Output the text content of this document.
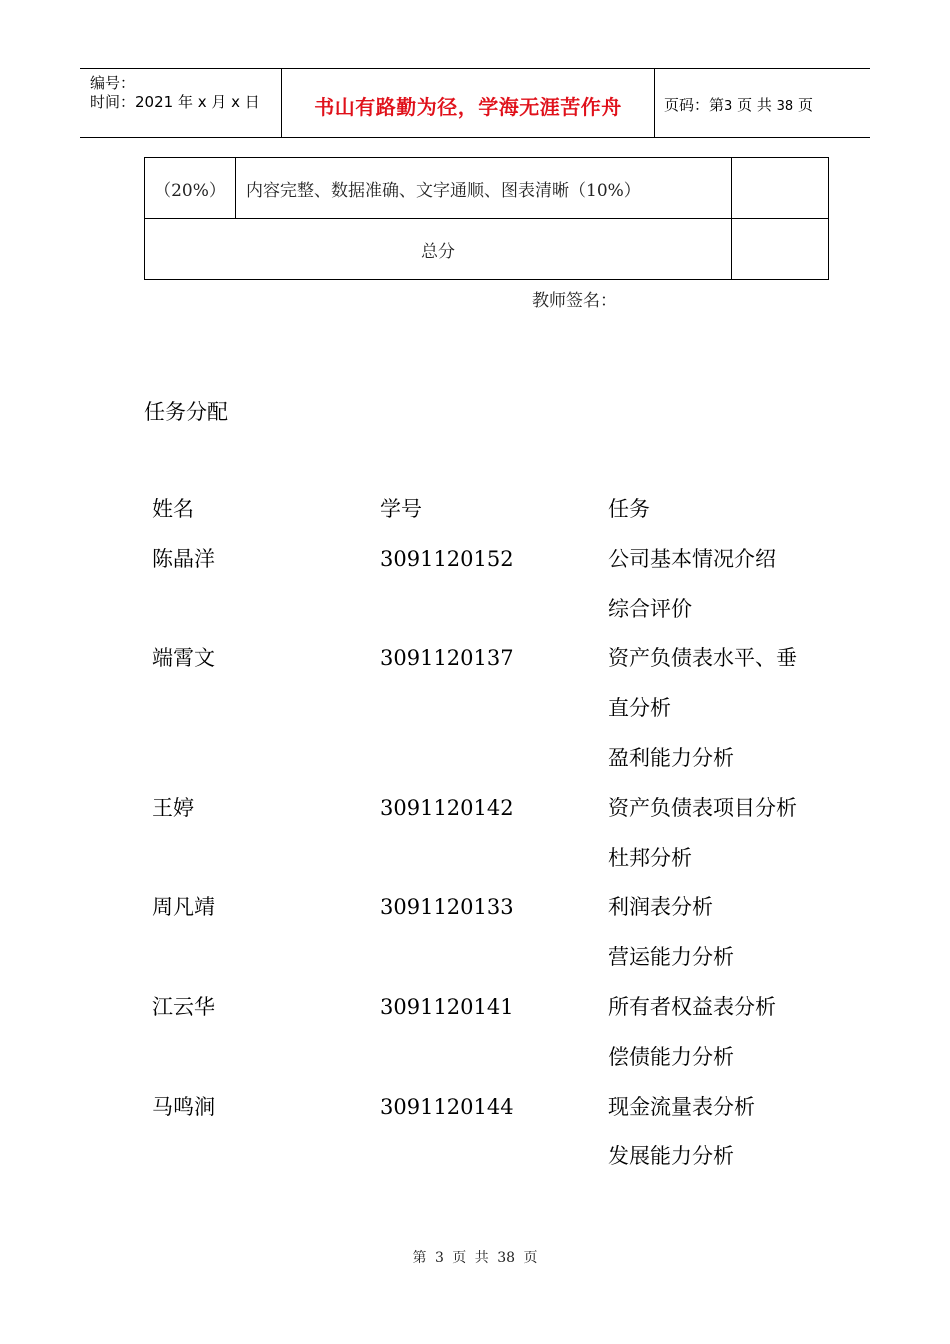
编号：
时间：2021 年 x 月 x 日	书山有路勤为径，学海无涯苦作舟	页码：第3 页 共 38 页
（20%）	内容完整、数据准确、文字通顺、图表清晰（10%）	
总分		
教师签名：
任务分配
姓名	学号	任务
陈晶洋	3091120152	公司基本情况介绍
综合评价
端霄文	3091120137	资产负债表水平、垂
直分析
盈利能力分析
王婷	3091120142	资产负债表项目分析
杜邦分析
周凡靖	3091120133	利润表分析
营运能力分析
江云华	3091120141	所有者权益表分析
偿债能力分析
马鸣涧	3091120144	现金流量表分析
发展能力分析
第 3 页 共 38 页
